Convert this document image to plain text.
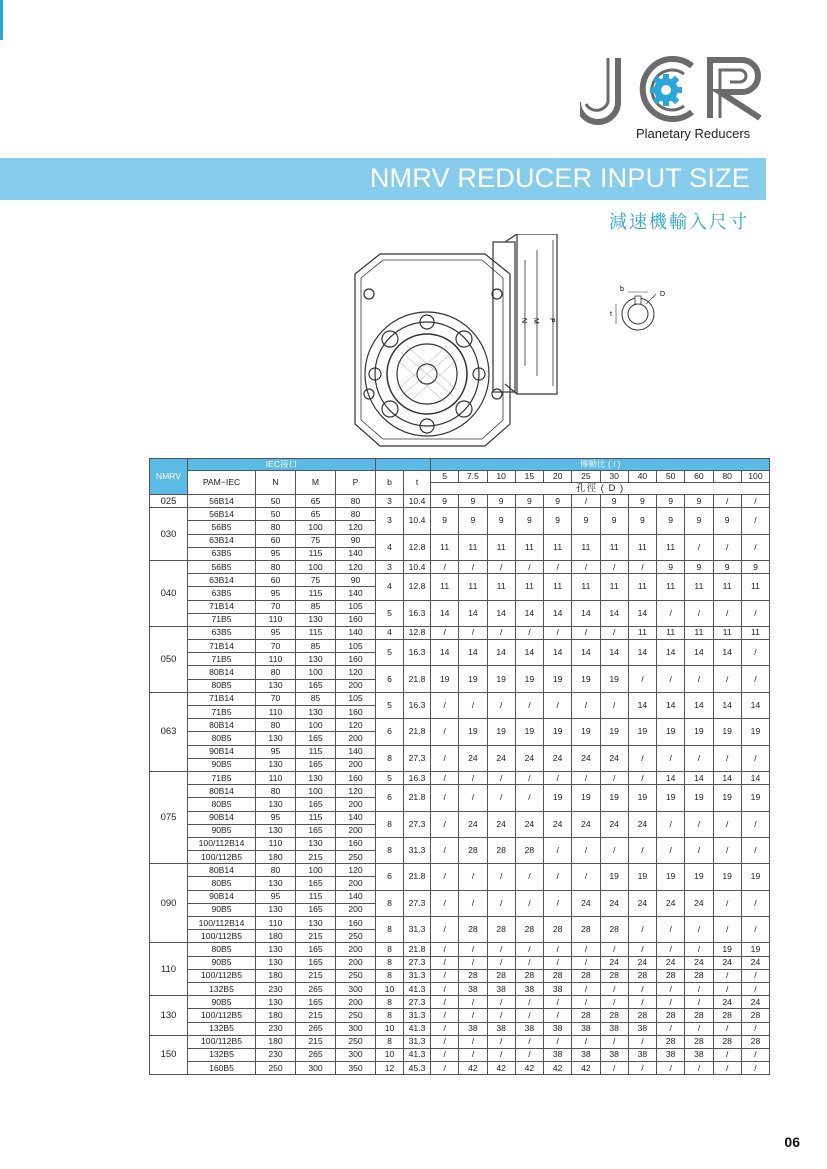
Planetary Reducers
NMRV REDUCER INPUT SIZE
減速機輸入尺寸
N M P
b
D
t
NMRV	IEC接口						傳動比 ( i )											
	PAM−IEC	N	M	P	b	t	5	7.5	10	15	20	25	30	40	50	60	80	100
							孔徑 ( D )											
025	56B14	50	65	80	3	10.4	9	9	9	9	9	/	9	9	9	9	/	/
030	56B14	50	65	80	3	10.4	9	9	9	9	9	9	9	9	9	9	9	/
	56B5	80	100	120														
	63B14	60	75	90	4	12.8	11	11	11	11	11	11	11	11	11	/	/	/
	63B5	95	115	140														
040	56B5	80	100	120	3	10.4	/	/	/	/	/	/	/	/	9	9	9	9
	63B14	60	75	90	4	12.8	11	11	11	11	11	11	11	11	11	11	11	11
	63B5	95	115	140														
	71B14	70	85	105	5	16.3	14	14	14	14	14	14	14	14	/	/	/	/
	71B5	110	130	160														
050	63B5	95	115	140	4	12.8	/	/	/	/	/	/	/	11	11	11	11	11
	71B14	70	85	105	5	16.3	14	14	14	14	14	14	14	14	14	14	14	/
	71B5	110	130	160														
	80B14	80	100	120	6	21.8	19	19	19	19	19	19	19	/	/	/	/	/
	80B5	130	165	200														
063	71B14	70	85	105	5	16.3	/	/	/	/	/	/	/	14	14	14	14	14
	71B5	110	130	160														
	80B14	80	100	120	6	21.8	/	19	19	19	19	19	19	19	19	19	19	19
	80B5	130	165	200														
	90B14	95	115	140	8	27.3	/	24	24	24	24	24	24	/	/	/	/	/
	90B5	130	165	200														
075	71B5	110	130	160	5	16.3	/	/	/	/	/	/	/	/	14	14	14	14
	80B14	80	100	120	6	21.8	/	/	/	/	19	19	19	19	19	19	19	19
	80B5	130	165	200														
	90B14	95	115	140	8	27.3	/	24	24	24	24	24	24	24	/	/	/	/
	90B5	130	165	200														
	100/112B14	110	130	160	8	31.3	/	28	28	28	/	/	/	/	/	/	/	/
	100/112B5	180	215	250														
090	80B14	80	100	120	6	21.8	/	/	/	/	/	/	19	19	19	19	19	19
	80B5	130	165	200														
	90B14	95	115	140	8	27.3	/	/	/	/	/	24	24	24	24	24	/	/
	90B5	130	165	200														
	100/112B14	110	130	160	8	31.3	/	28	28	28	28	28	28	/	/	/	/	/
	100/112B5	180	215	250														
110	80B5	130	165	200	8	21.8	/	/	/	/	/	/	/	/	/	/	19	19
	90B5	130	165	200	8	27.3	/	/	/	/	/	/	24	24	24	24	24	24
	100/112B5	180	215	250	8	31.3	/	28	28	28	28	28	28	28	28	28	/	/
	132B5	230	265	300	10	41.3	/	38	38	38	38	/	/	/	/	/	/	/
130	90B5	130	165	200	8	27.3	/	/	/	/	/	/	/	/	/	/	24	24
	100/112B5	180	215	250	8	31.3	/	/	/	/	/	28	28	28	28	28	28	28
	132B5	230	265	300	10	41.3	/	38	38	38	38	38	38	38	/	/	/	/
150	100/112B5	180	215	250	8	31.3	/	/	/	/	/	/	/	/	28	28	28	28
	132B5	230	265	300	10	41.3	/	/	/	/	38	38	38	38	38	38	/	/
	160B5	250	300	350	12	45.3	/	42	42	42	42	42	/	/	/	/	/	/
06
